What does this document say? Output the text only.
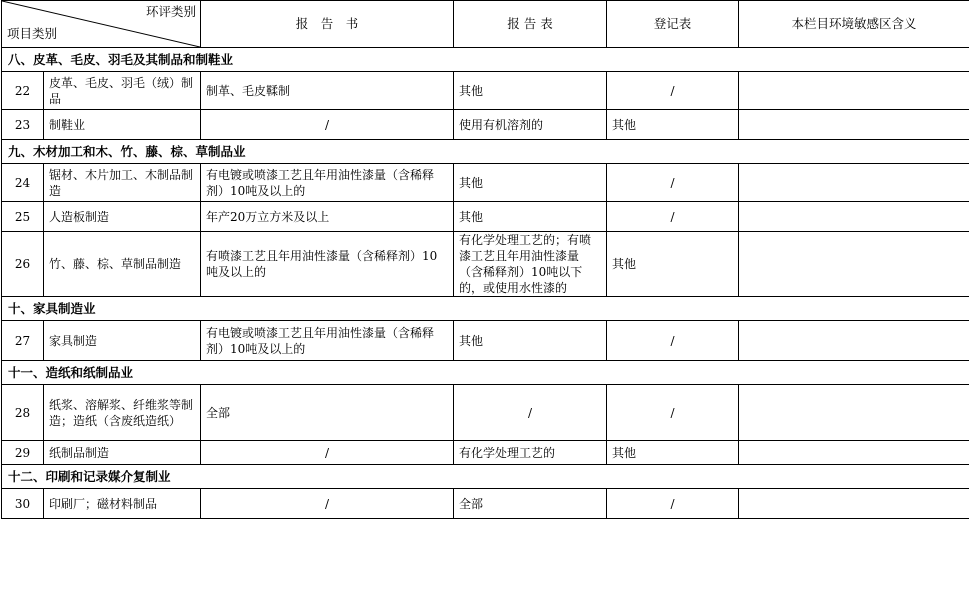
环评类别
项目类别		报　告　书	报 告 表	登记表	本栏目环境敏感区含义
八、皮革、毛皮、羽毛及其制品和制鞋业					
22	皮革、毛皮、羽毛（绒）制品	制革、毛皮鞣制	其他	/	
23	制鞋业	/	使用有机溶剂的	其他	
九、木材加工和木、竹、藤、棕、草制品业					
24	锯材、木片加工、木制品制造	有电镀或喷漆工艺且年用油性漆量（含稀释剂）10吨及以上的	其他	/	
25	人造板制造	年产20万立方米及以上	其他	/	
26	竹、藤、棕、草制品制造	有喷漆工艺且年用油性漆量（含稀释剂）10吨及以上的	有化学处理工艺的；有喷漆工艺且年用油性漆量（含稀释剂）10吨以下的，或使用水性漆的	其他	
十、家具制造业					
27	家具制造	有电镀或喷漆工艺且年用油性漆量（含稀释剂）10吨及以上的	其他	/	
十一、造纸和纸制品业					
28	纸浆、溶解浆、纤维浆等制造；造纸（含废纸造纸）	全部	/	/	
29	纸制品制造	/	有化学处理工艺的	其他	
十二、印刷和记录媒介复制业					
30	印刷厂；磁材料制品	/	全部	/	
